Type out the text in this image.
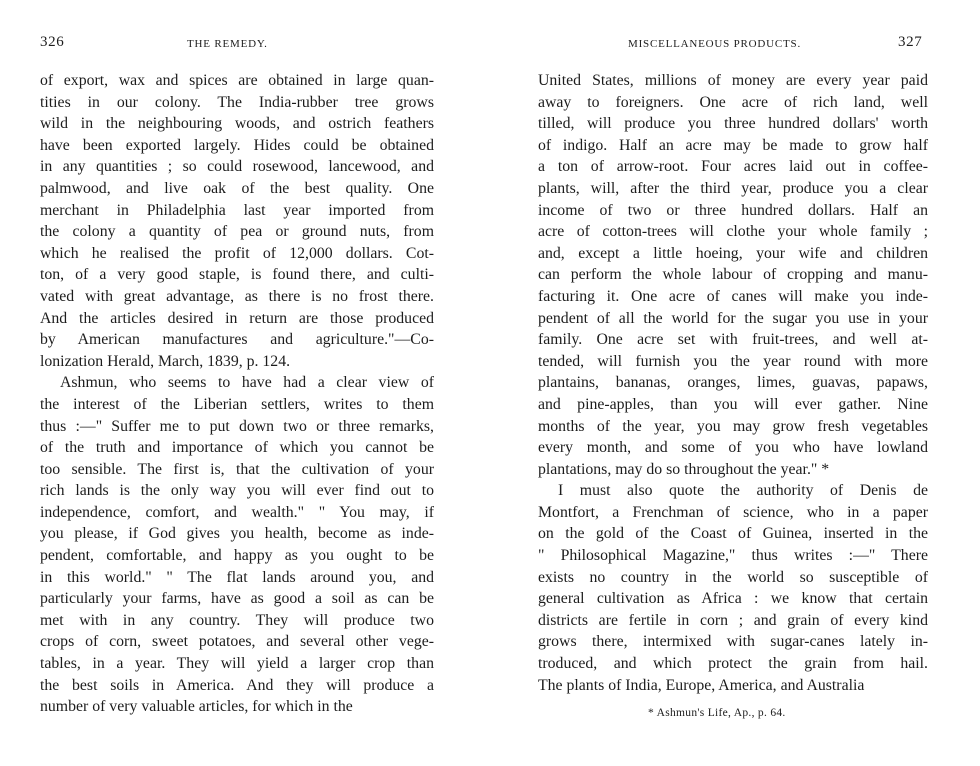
326	THE REMEDY.
of export, wax and spices are obtained in large quan-
tities in our colony. The India-rubber tree grows
wild in the neighbouring woods, and ostrich feathers
have been exported largely. Hides could be obtained
in any quantities ; so could rosewood, lancewood, and
palmwood, and live oak of the best quality. One
merchant in Philadelphia last year imported from
the colony a quantity of pea or ground nuts, from
which he realised the profit of 12,000 dollars. Cot-
ton, of a very good staple, is found there, and culti-
vated with great advantage, as there is no frost there.
And the articles desired in return are those produced
by American manufactures and agriculture."—Co-
lonization Herald, March, 1839, p. 124.
Ashmun, who seems to have had a clear view of
the interest of the Liberian settlers, writes to them
thus :—" Suffer me to put down two or three remarks,
of the truth and importance of which you cannot be
too sensible. The first is, that the cultivation of your
rich lands is the only way you will ever find out to
independence, comfort, and wealth." " You may, if
you please, if God gives you health, become as inde-
pendent, comfortable, and happy as you ought to be
in this world." " The flat lands around you, and
particularly your farms, have as good a soil as can be
met with in any country. They will produce two
crops of corn, sweet potatoes, and several other vege-
tables, in a year. They will yield a larger crop than
the best soils in America. And they will produce a
number of very valuable articles, for which in the
MISCELLANEOUS PRODUCTS.	327
United States, millions of money are every year paid
away to foreigners. One acre of rich land, well
tilled, will produce you three hundred dollars' worth
of indigo. Half an acre may be made to grow half
a ton of arrow-root. Four acres laid out in coffee-
plants, will, after the third year, produce you a clear
income of two or three hundred dollars. Half an
acre of cotton-trees will clothe your whole family ;
and, except a little hoeing, your wife and children
can perform the whole labour of cropping and manu-
facturing it. One acre of canes will make you inde-
pendent of all the world for the sugar you use in your
family. One acre set with fruit-trees, and well at-
tended, will furnish you the year round with more
plantains, bananas, oranges, limes, guavas, papaws,
and pine-apples, than you will ever gather. Nine
months of the year, you may grow fresh vegetables
every month, and some of you who have lowland
plantations, may do so throughout the year." *
I must also quote the authority of Denis de
Montfort, a Frenchman of science, who in a paper
on the gold of the Coast of Guinea, inserted in the
" Philosophical Magazine," thus writes :—" There
exists no country in the world so susceptible of
general cultivation as Africa : we know that certain
districts are fertile in corn ; and grain of every kind
grows there, intermixed with sugar-canes lately in-
troduced, and which protect the grain from hail.
The plants of India, Europe, America, and Australia
* Ashmun's Life, Ap., p. 64.
